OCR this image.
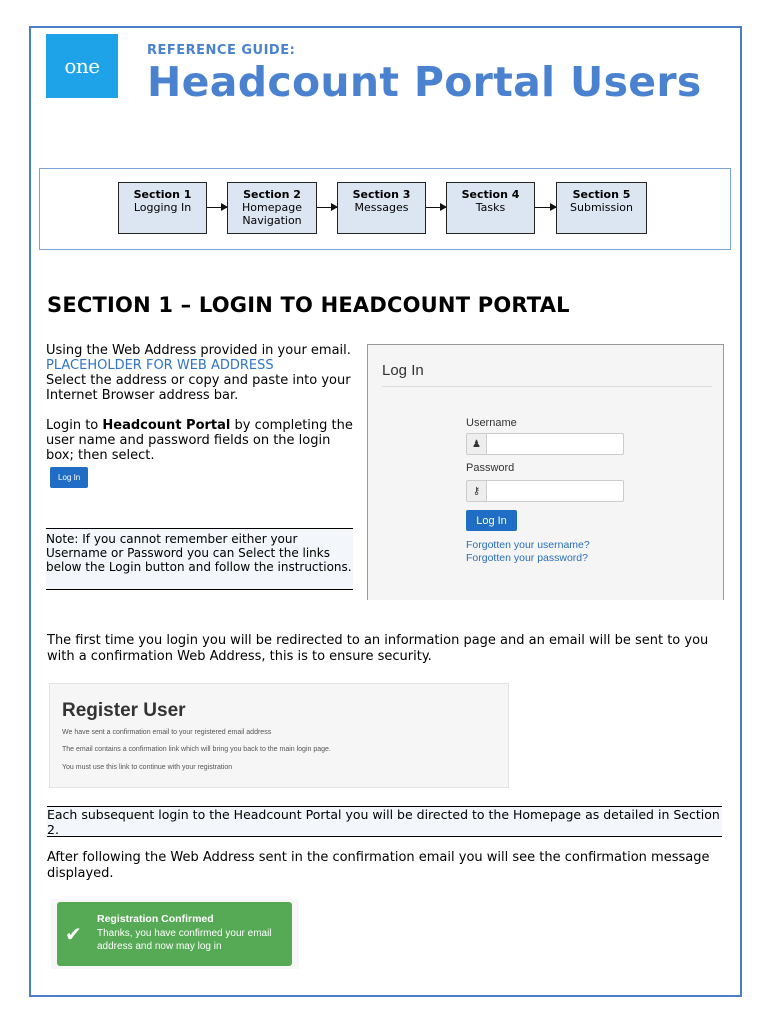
one
REFERENCE GUIDE:
Headcount Portal Users
Section 1
Logging In
Section 2
Homepage Navigation
Section 3
Messages
Section 4
Tasks
Section 5
Submission
SECTION 1 – LOGIN TO HEADCOUNT PORTAL
Using the Web Address provided in your email.
PLACEHOLDER FOR WEB ADDRESS
Select the address or copy and paste into your Internet Browser address bar.
Login to Headcount Portal by completing the user name and password fields on the login box; then select.
Log In
Note: If you cannot remember either your Username or Password you can Select the links below the Login button and follow the instructions.
Log In
Username
♟
Password
⚷
Log In
Forgotten your username?
Forgotten your password?
The first time you login you will be redirected to an information page and an email will be sent to you with a confirmation Web Address, this is to ensure security.
Register User
We have sent a confirmation email to your registered email address
The email contains a confirmation link which will bring you back to the main login page.
You must use this link to continue with your registration
Each subsequent login to the Headcount Portal you will be directed to the Homepage as detailed in Section 2.
After following the Web Address sent in the confirmation email you will see the confirmation message displayed.
✔
Registration Confirmed
Thanks, you have confirmed your email address and now may log in
